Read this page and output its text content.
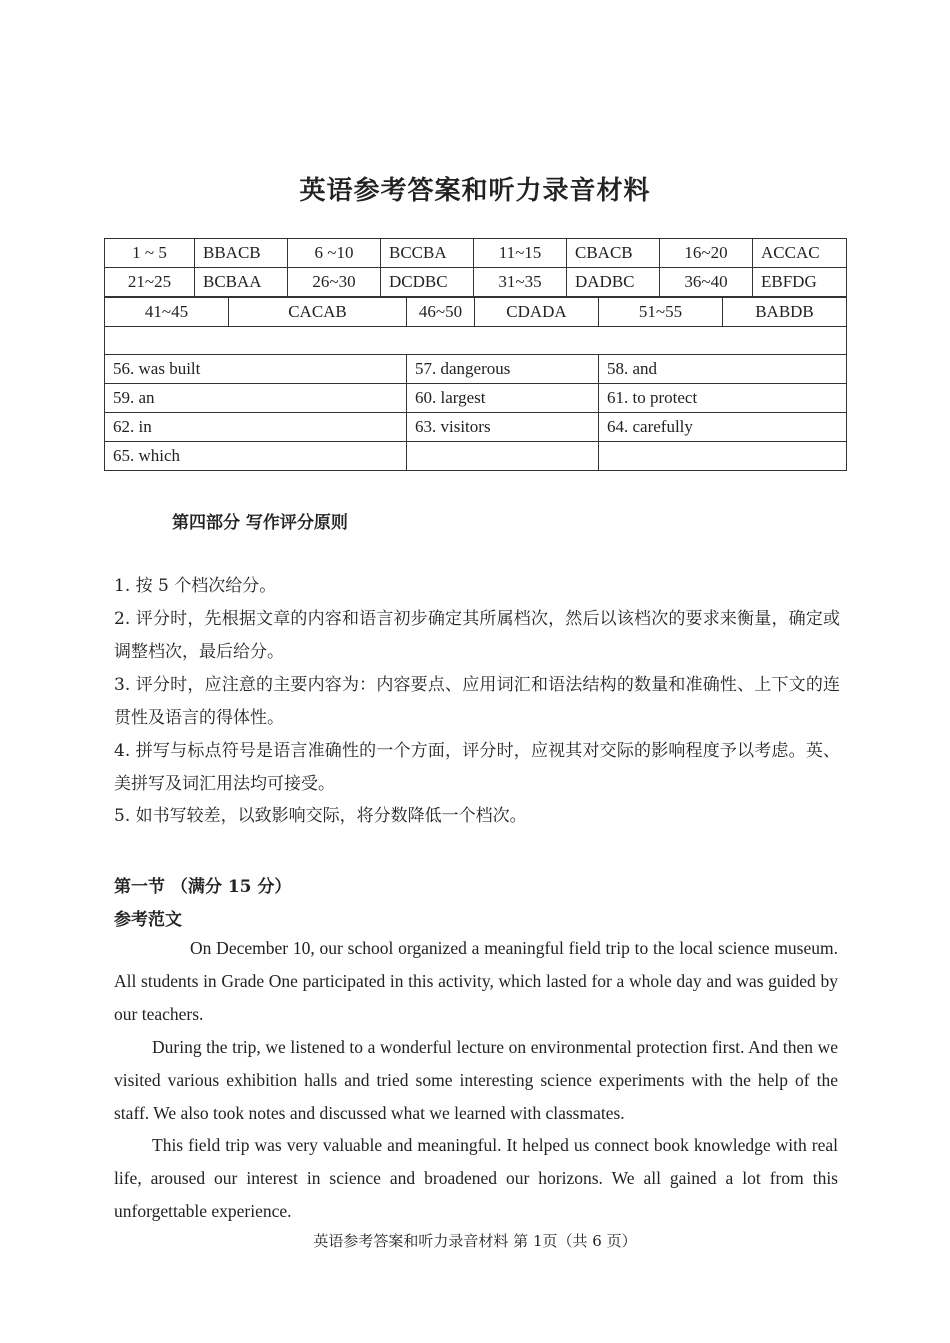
英语参考答案和听力录音材料
1 ~ 5	BBACB	6 ~10	BCCBA	11~15	CBACB	16~20	ACCAC
21~25	BCBAA	26~30	DCDBC	31~35	DADBC	36~40	EBFDG
41~45	CACAB	46~50	CDADA	51~55	BABDB

56. was built	57. dangerous	58. and
59. an	60. largest	61. to protect
62. in	63. visitors	64. carefully
65. which		
第四部分 写作评分原则

1. 按 5 个档次给分。

2. 评分时，先根据文章的内容和语言初步确定其所属档次，然后以该档次的要求来衡量，确定或调整档次，最后给分。

3. 评分时，应注意的主要内容为：内容要点、应用词汇和语法结构的数量和准确性、上下文的连贯性及语言的得体性。

4. 拼写与标点符号是语言准确性的一个方面，评分时，应视其对交际的影响程度予以考虑。英、美拼写及词汇用法均可接受。

5. 如书写较差，以致影响交际，将分数降低一个档次。

第一节 （满分 15 分）
参考范文

On December 10, our school organized a meaningful field trip to the local science museum. All students in Grade One participated in this activity, which lasted for a whole day and was guided by our teachers.

During the trip, we listened to a wonderful lecture on environmental protection first. And then we visited various exhibition halls and tried some interesting science experiments with the help of the staff. We also took notes and discussed what we learned with classmates.

This field trip was very valuable and meaningful. It helped us connect book knowledge with real life, aroused our interest in science and broadened our horizons. We all gained a lot from this unforgettable experience.

英语参考答案和听力录音材料 第 1页（共 6 页）
